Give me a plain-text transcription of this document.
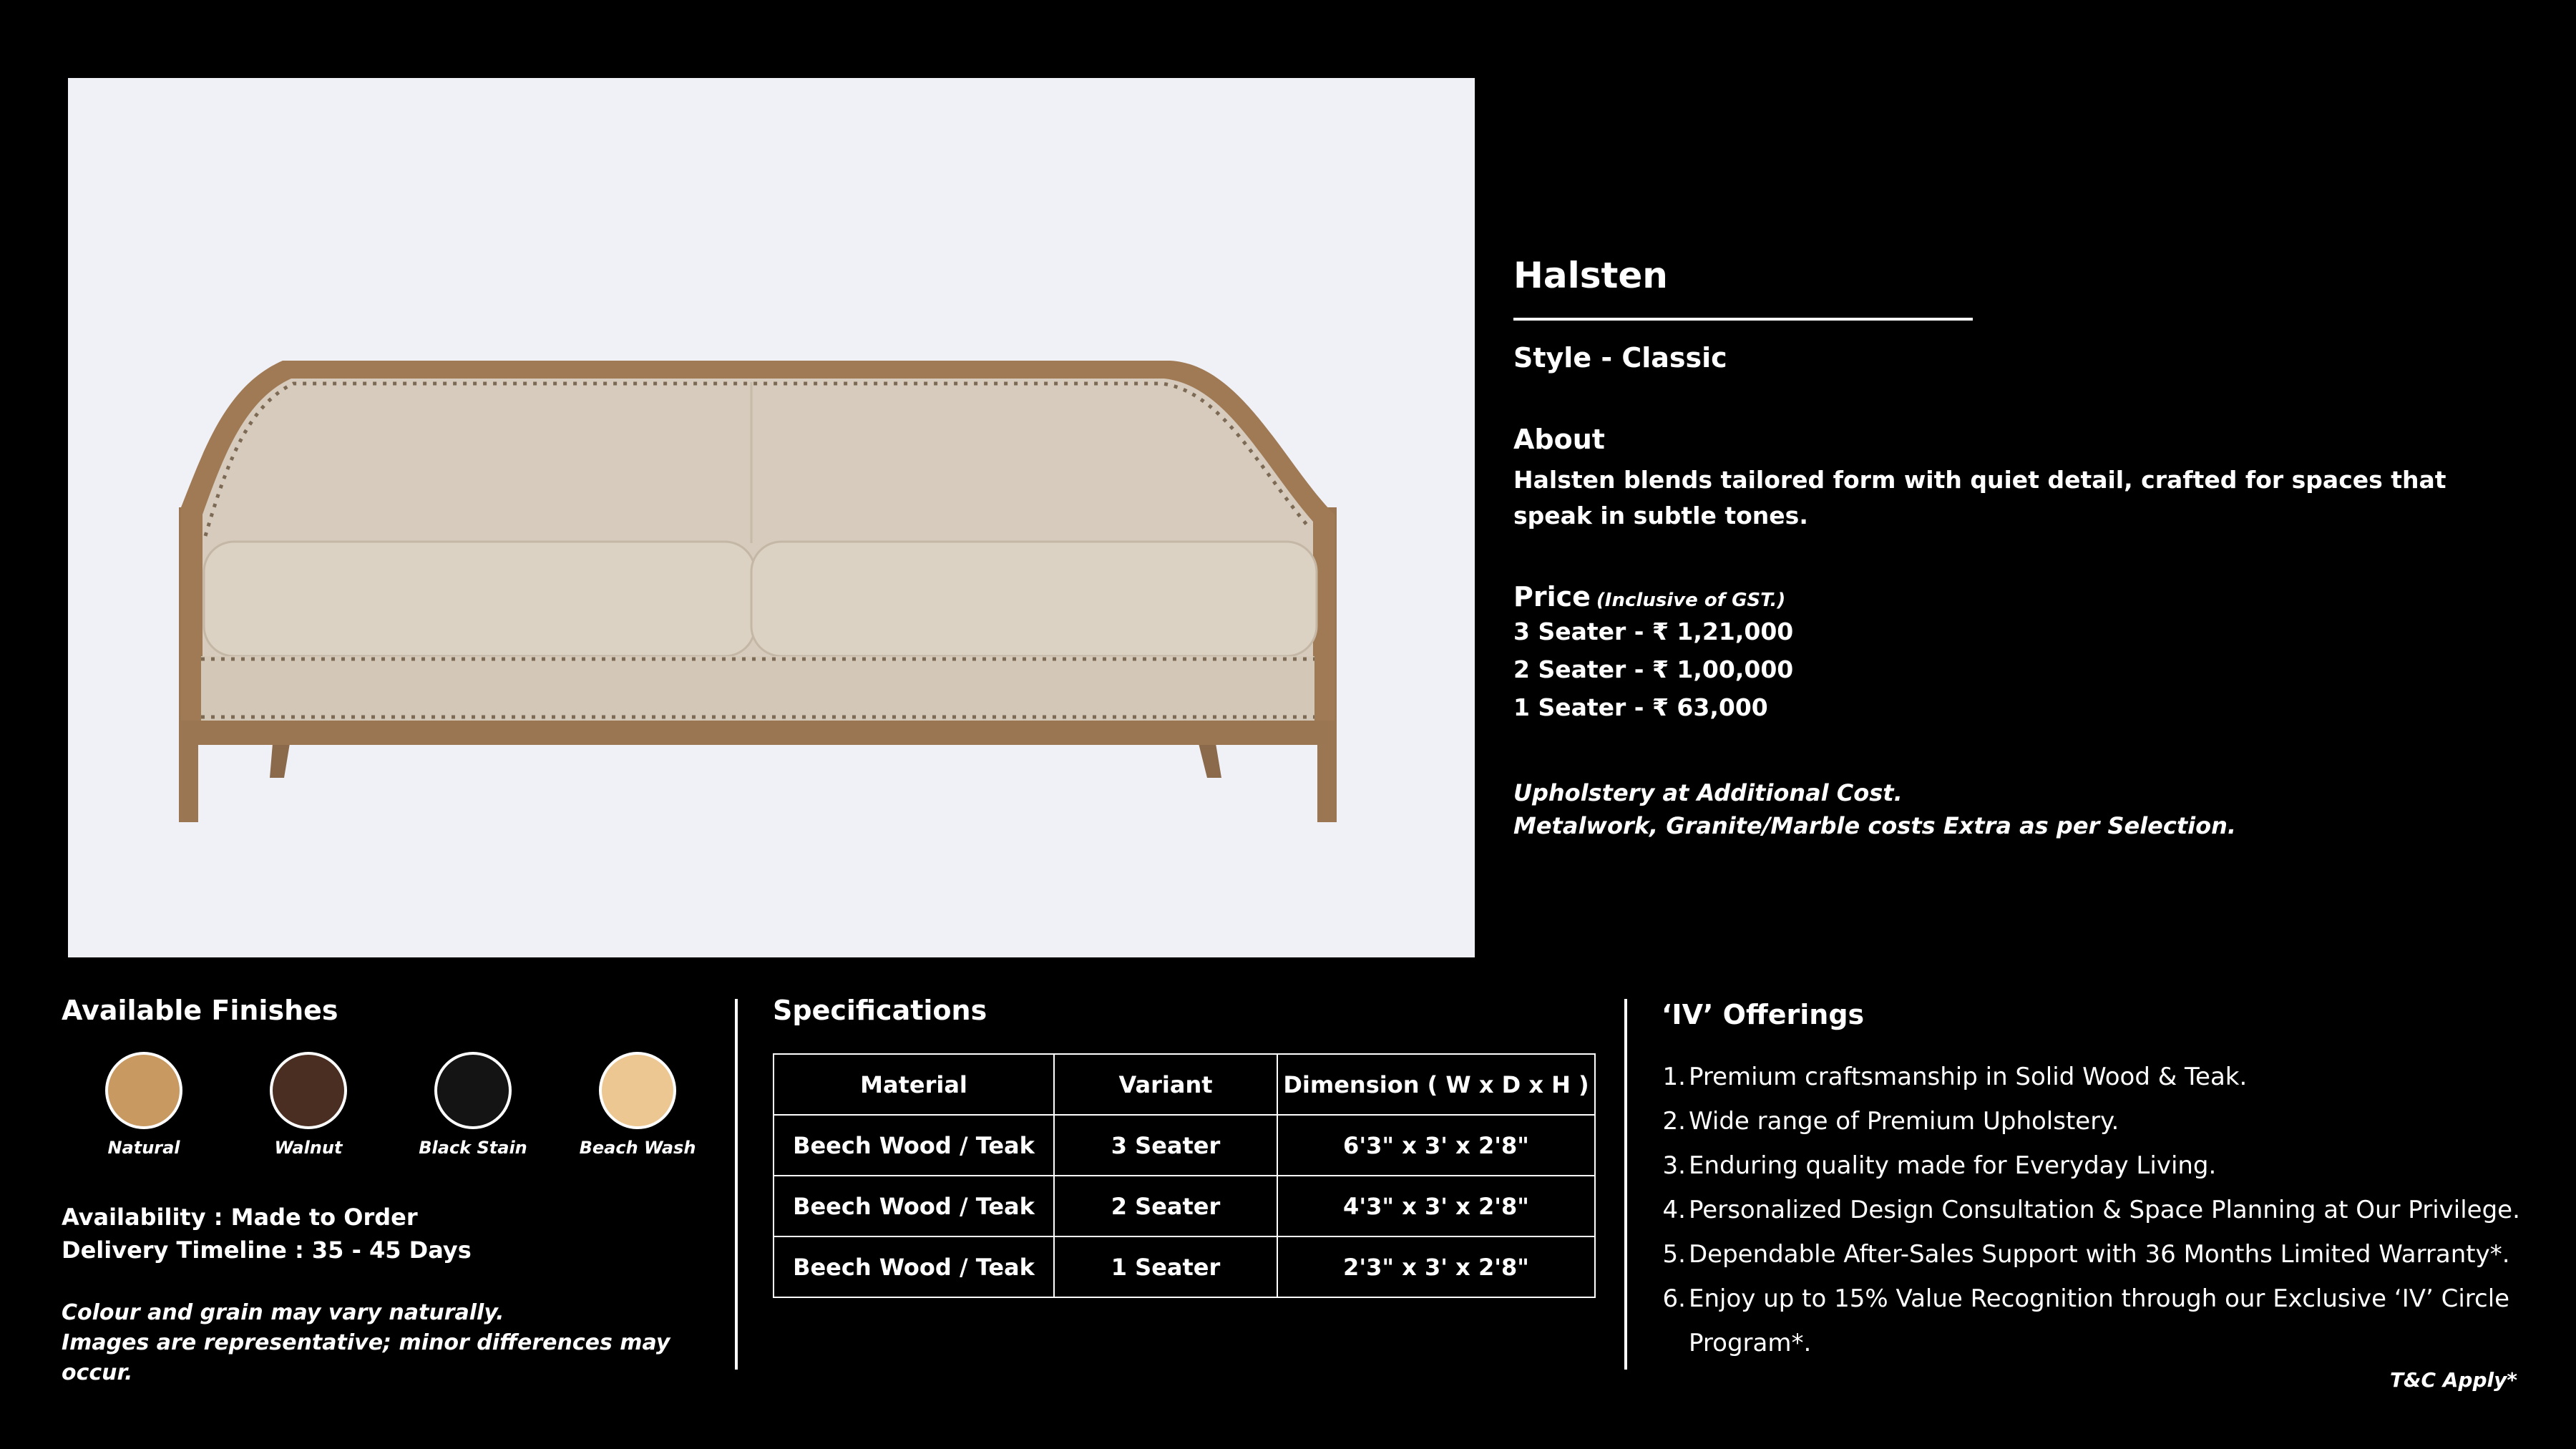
Halsten
Style - Classic
About
Halsten blends tailored form with quiet detail, crafted for spaces that speak in subtle tones.
Price (Inclusive of GST.)
3 Seater - ₹ 1,21,000
2 Seater - ₹ 1,00,000
1 Seater - ₹ 63,000
Upholstery at Additional Cost.
Metalwork, Granite/Marble costs Extra as per Selection.
Available Finishes
Natural	Walnut	Black Stain	Beach Wash
Availability : Made to Order
Delivery Timeline : 35 - 45 Days
Colour and grain may vary naturally.
Images are representative; minor differences may occur.
Specifications
Material	Variant	Dimension ( W x D x H )
Beech Wood / Teak	3 Seater	6'3" x 3' x 2'8"
Beech Wood / Teak	2 Seater	4'3" x 3' x 2'8"
Beech Wood / Teak	1 Seater	2'3" x 3' x 2'8"
‘IV’ Offerings
1. Premium craftsmanship in Solid Wood & Teak.
2. Wide range of Premium Upholstery.
3. Enduring quality made for Everyday Living.
4. Personalized Design Consultation & Space Planning at Our Privilege.
5. Dependable After-Sales Support with 36 Months Limited Warranty*.
6. Enjoy up to 15% Value Recognition through our Exclusive ‘IV’ Circle Program*.
T&C Apply*
